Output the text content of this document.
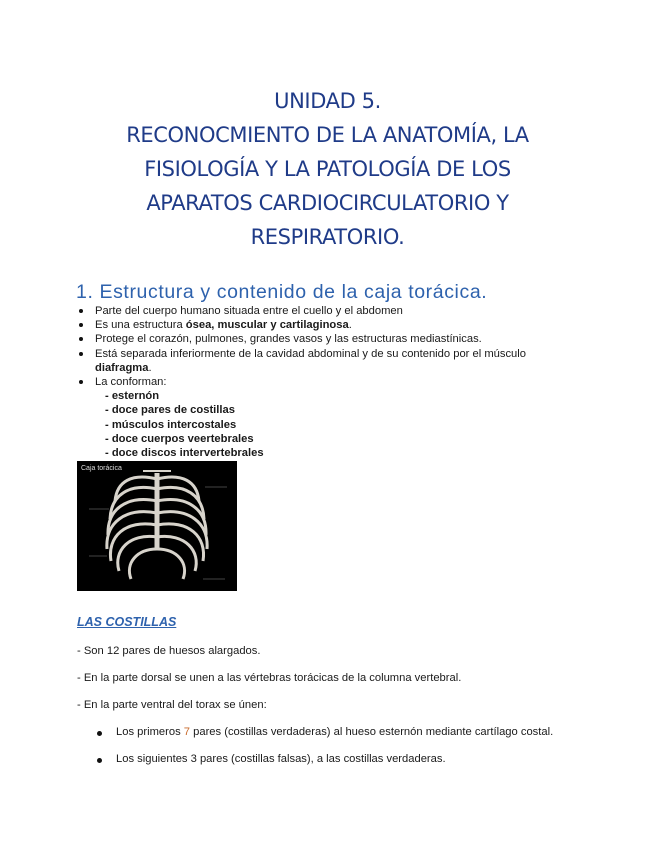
UNIDAD 5.
RECONOCMIENTO DE LA ANATOMÍA, LA
FISIOLOGÍA Y LA PATOLOGÍA DE LOS
APARATOS CARDIOCIRCULATORIO Y
RESPIRATORIO.
1. Estructura y contenido de la caja torácica.
Parte del cuerpo humano situada entre el cuello y el abdomen
Es una estructura ósea, muscular y cartilaginosa.
Protege el corazón, pulmones, grandes vasos y las estructuras mediastínicas.
Está separada inferiormente de la cavidad abdominal y de su contenido por el músculo
diafragma.
La conforman:
- esternón
- doce pares de costillas
- músculos intercostales
- doce cuerpos veertebrales
- doce discos intervertebrales
Caja torácica
LAS COSTILLAS
- Son 12 pares de huesos alargados.
- En la parte dorsal se unen a las vértebras torácicas de la columna vertebral.
- En la parte ventral del torax se únen:
Los primeros 7 pares (costillas verdaderas) al hueso esternón mediante cartílago costal.
Los siguientes 3 pares (costillas falsas), a las costillas verdaderas.
